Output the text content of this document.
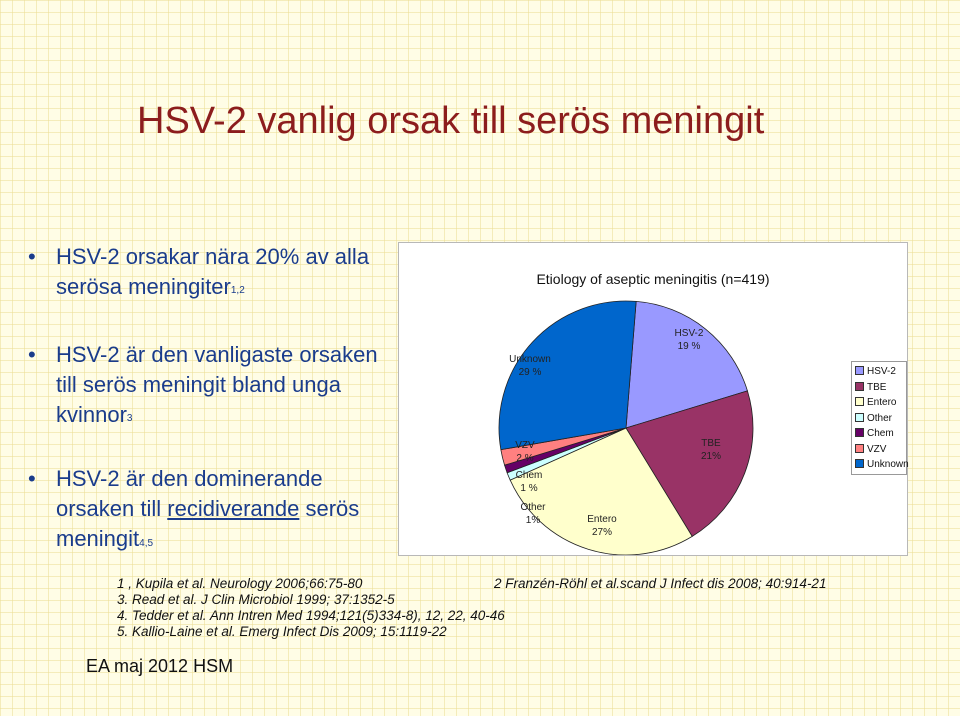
HSV-2 vanlig orsak till serös meningit
• HSV-2 orsakar nära 20% av alla serösa meningiter1,2
• HSV-2 är den vanligaste orsaken till serös meningit bland unga kvinnor3
• HSV-2 är den dominerande orsaken till recidiverande serös meningit4,5
Etiology of aseptic meningitis (n=419)
HSV-2
TBE
Entero
Other
Chem
VZV
Unknown
HSV-2
19 %
TBE
21%
Entero
27%
Other
1%
Chem
1 %
VZV
2 %
Unknown
29 %
1 , Kupila et al. Neurology 2006;66:75-80	2 Franzén-Röhl et al.scand J Infect dis 2008; 40:914-21
3. Read et al. J Clin Microbiol 1999; 37:1352-5
4. Tedder et al. Ann Intren Med 1994;121(5)334-8), 12, 22, 40-46
5. Kallio-Laine et al. Emerg Infect Dis 2009; 15:1119-22
EA maj 2012 HSM
